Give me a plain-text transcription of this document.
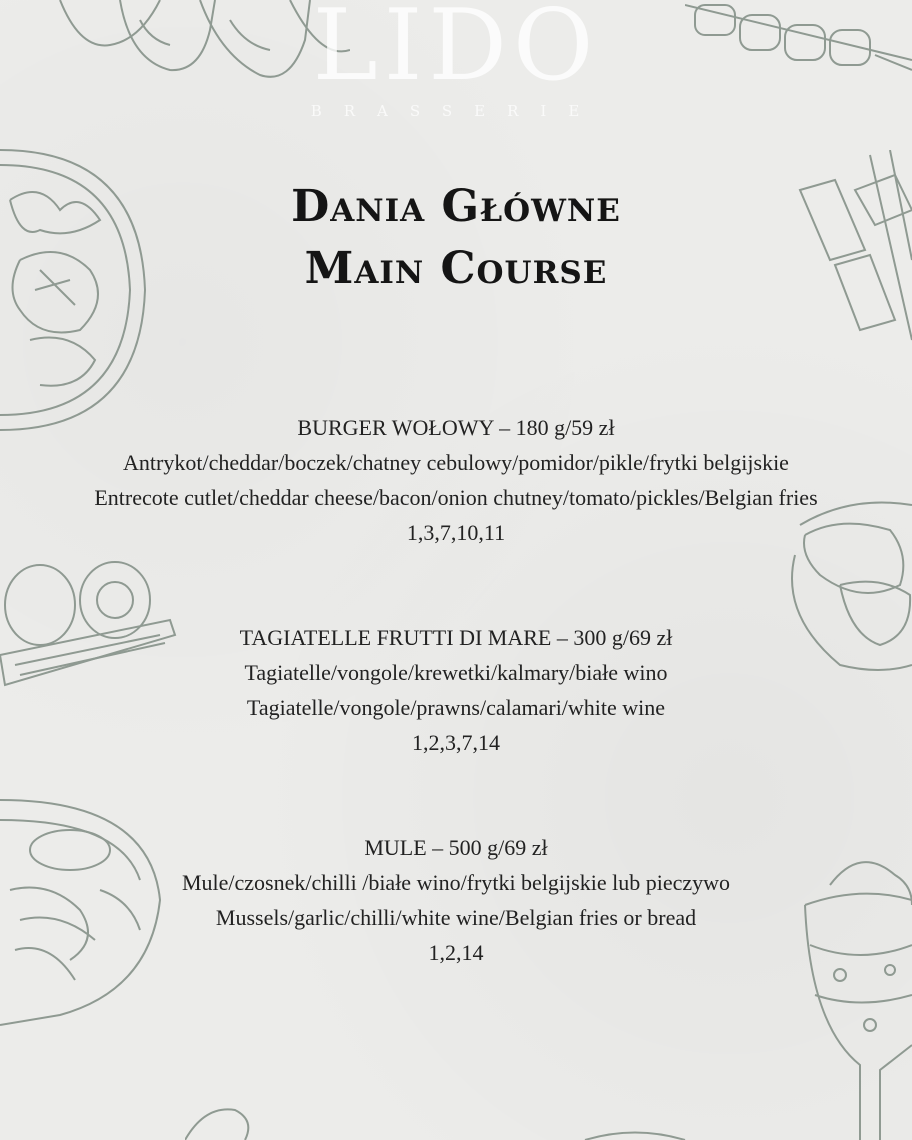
LIDO
BRASSERIE
Dania Główne
Main Course
BURGER WOŁOWY – 180 g/59 zł
Antrykot/cheddar/boczek/chatney cebulowy/pomidor/pikle/frytki belgijskie
Entrecote cutlet/cheddar cheese/bacon/onion chutney/tomato/pickles/Belgian fries
1,3,7,10,11
TAGIATELLE FRUTTI DI MARE – 300 g/69 zł
Tagiatelle/vongole/krewetki/kalmary/białe wino
Tagiatelle/vongole/prawns/calamari/white wine
1,2,3,7,14
MULE – 500 g/69 zł
Mule/czosnek/chilli /białe wino/frytki belgijskie lub pieczywo
Mussels/garlic/chilli/white wine/Belgian fries or bread
1,2,14
